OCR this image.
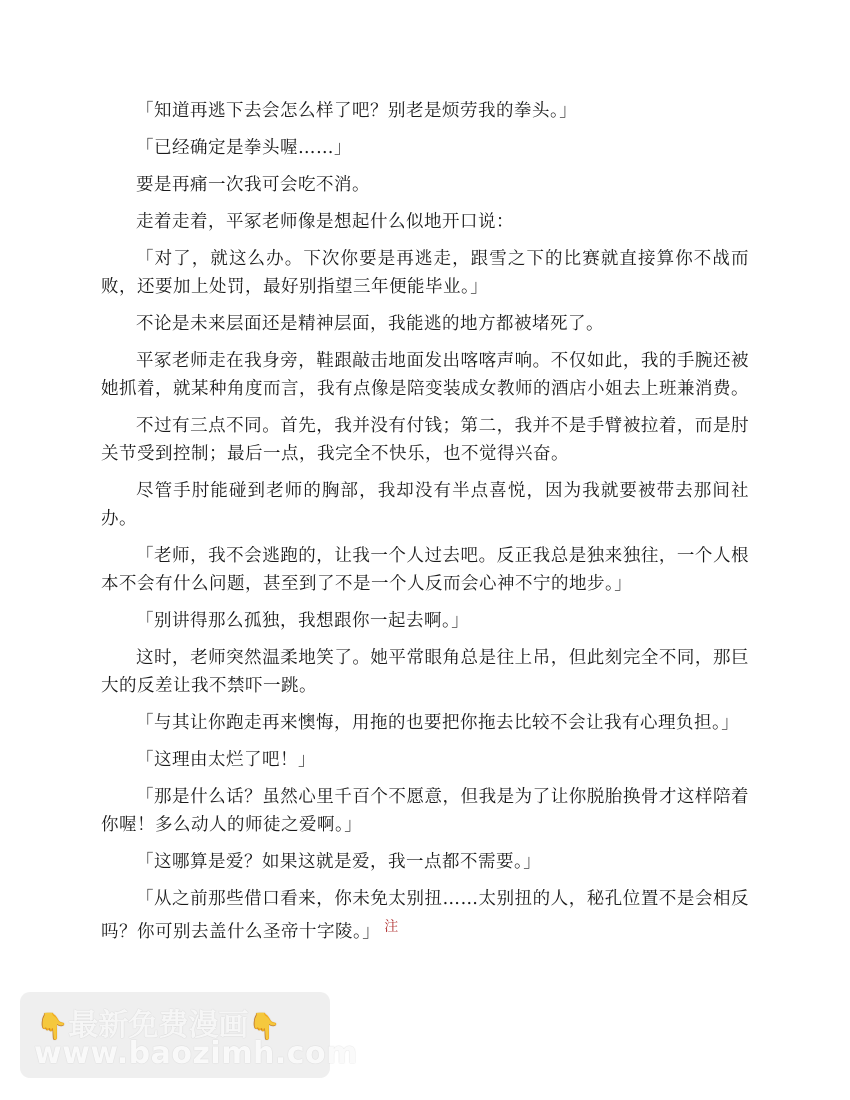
「知道再逃下去会怎么样了吧？别老是烦劳我的拳头。」

「已经确定是拳头喔……」

要是再痛一次我可会吃不消。

走着走着，平冢老师像是想起什么似地开口说：

「对了，就这么办。下次你要是再逃走，跟雪之下的比赛就直接算你不战而败，还要加上处罚，最好别指望三年便能毕业。」

不论是未来层面还是精神层面，我能逃的地方都被堵死了。

平冢老师走在我身旁，鞋跟敲击地面发出喀喀声响。不仅如此，我的手腕还被她抓着，就某种角度而言，我有点像是陪变装成女教师的酒店小姐去上班兼消费。

不过有三点不同。首先，我并没有付钱；第二，我并不是手臂被拉着，而是肘关节受到控制；最后一点，我完全不快乐，也不觉得兴奋。

尽管手肘能碰到老师的胸部，我却没有半点喜悦，因为我就要被带去那间社办。

「老师，我不会逃跑的，让我一个人过去吧。反正我总是独来独往，一个人根本不会有什么问题，甚至到了不是一个人反而会心神不宁的地步。」

「别讲得那么孤独，我想跟你一起去啊。」

这时，老师突然温柔地笑了。她平常眼角总是往上吊，但此刻完全不同，那巨大的反差让我不禁吓一跳。

「与其让你跑走再来懊悔，用拖的也要把你拖去比较不会让我有心理负担。」

「这理由太烂了吧！」

「那是什么话？虽然心里千百个不愿意，但我是为了让你脱胎换骨才这样陪着你喔！多么动人的师徒之爱啊。」

「这哪算是爱？如果这就是爱，我一点都不需要。」

「从之前那些借口看来，你未免太别扭……太别扭的人，秘孔位置不是会相反吗？你可别去盖什么圣帝十字陵。」 $^注$

👇最新免费漫画👇
www.baozimh.com
